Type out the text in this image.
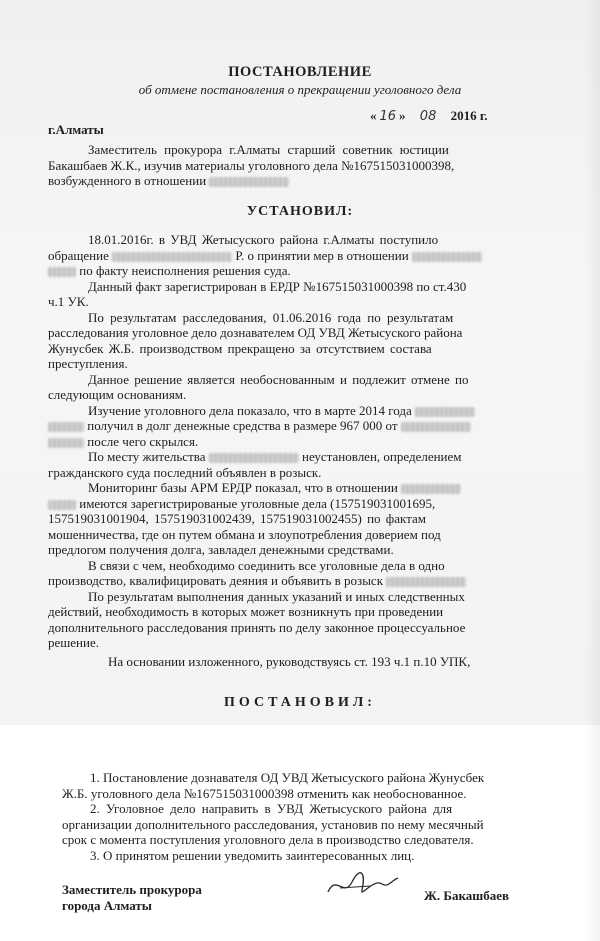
ПОСТАНОВЛЕНИЕ
об отмене постановления о прекращении уголовного дела
« 16 » 08 2016 г.
г.Алматы
Заместитель прокурора г.Алматы старший советник юстиции
Бакашбаев Ж.К., изучив материалы уголовного дела №167515031000398,
возбужденного в отношении
УСТАНОВИЛ:
18.01.2016г. в УВД Жетысуского района г.Алматы поступило
обращение	Р. о принятии мер в отношении
по факту неисполнения решения суда.
Данный факт зарегистрирован в ЕРДР №167515031000398 по ст.430
ч.1 УК.
По результатам расследования, 01.06.2016 года по результатам
расследования уголовное дело дознавателем ОД УВД Жетысуского района
Жунусбек Ж.Б. производством прекращено за отсутствием состава
преступления.
Данное решение является необоснованным и подлежит отмене по
следующим основаниям.
Изучение уголовного дела показало, что в марте 2014 года
получил в долг денежные средства в размере 967 000 от
после чего скрылся.
По месту жительства	неустановлен, определением
гражданского суда последний объявлен в розыск.
Мониторинг базы АРМ ЕРДР показал, что в отношении
имеются зарегистрированые уголовные дела (157519031001695,
157519031001904, 157519031002439, 157519031002455) по фактам
мошенничества, где он путем обмана и злоупотребления доверием под
предлогом получения долга, завладел денежными средствами.
В связи с чем, необходимо соединить все уголовные дела в одно
производство, квалифицировать деяния и объявить в розыск
По результатам выполнения данных указаний и иных следственных
действий, необходимость в которых может возникнуть при проведении
дополнительного расследования принять по делу законное процессуальное
решение.
На основании изложенного, руководствуясь ст. 193 ч.1 п.10 УПК,
ПОСТАНОВИЛ:
1. Постановление дознавателя ОД УВД Жетысуского района Жунусбек
Ж.Б. уголовного дела №167515031000398 отменить как необоснованное.
2. Уголовное дело направить в УВД Жетысуского района для
организации дополнительного расследования, установив по нему месячный
срок с момента поступления уголовного дела в производство следователя.
3. О принятом решении уведомить заинтересованных лиц.
Заместитель прокурора
города Алматы
Ж. Бакашбаев
